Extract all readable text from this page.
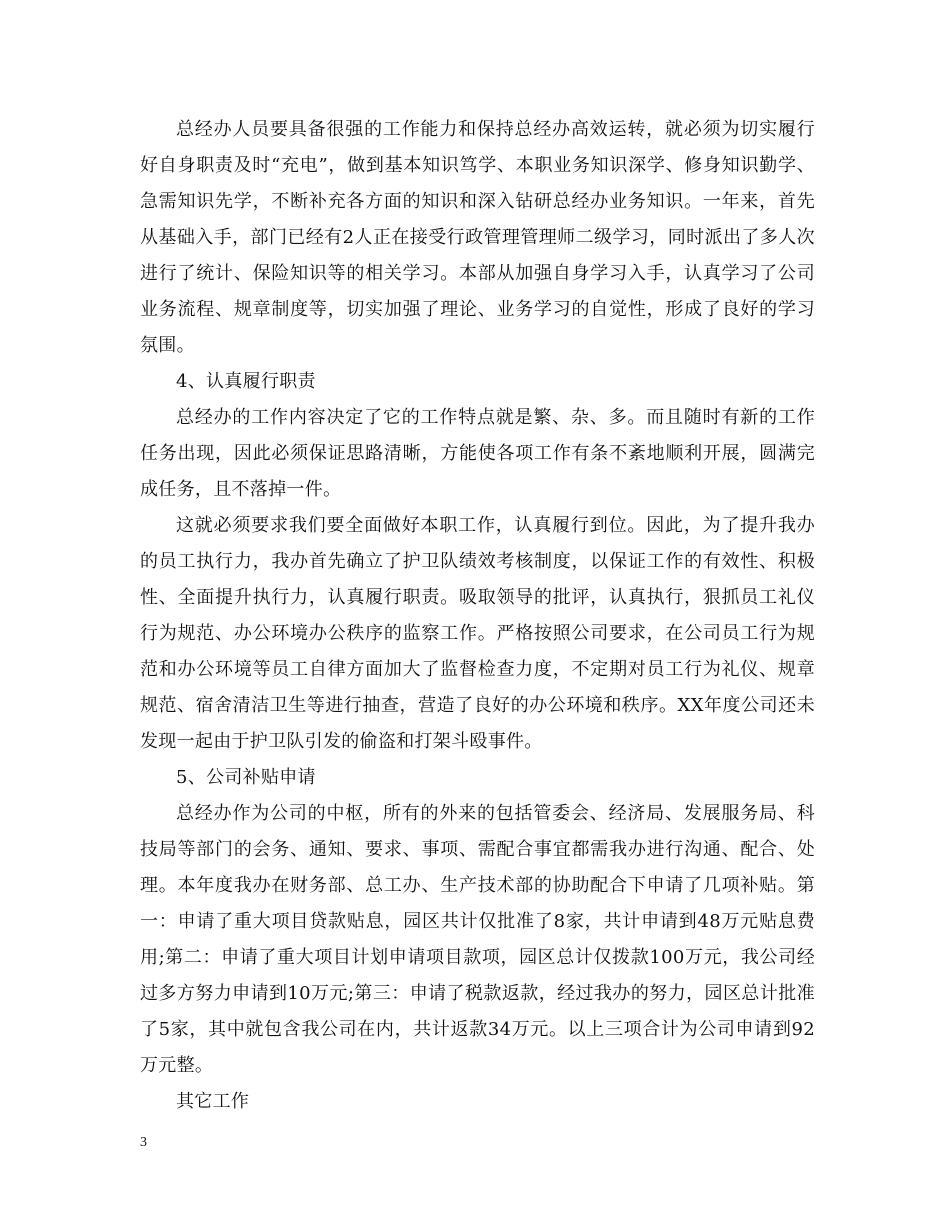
总经办人员要具备很强的工作能力和保持总经办高效运转，就必须为切实履行好自身职责及时“充电”，做到基本知识笃学、本职业务知识深学、修身知识勤学、急需知识先学，不断补充各方面的知识和深入钻研总经办业务知识。一年来，首先从基础入手，部门已经有2人正在接受行政管理管理师二级学习，同时派出了多人次进行了统计、保险知识等的相关学习。本部从加强自身学习入手，认真学习了公司业务流程、规章制度等，切实加强了理论、业务学习的自觉性，形成了良好的学习氛围。

4、认真履行职责

总经办的工作内容决定了它的工作特点就是繁、杂、多。而且随时有新的工作任务出现，因此必须保证思路清晰，方能使各项工作有条不紊地顺利开展，圆满完成任务，且不落掉一件。

这就必须要求我们要全面做好本职工作，认真履行到位。因此，为了提升我办的员工执行力，我办首先确立了护卫队绩效考核制度，以保证工作的有效性、积极性、全面提升执行力，认真履行职责。吸取领导的批评，认真执行，狠抓员工礼仪行为规范、办公环境办公秩序的监察工作。严格按照公司要求，在公司员工行为规范和办公环境等员工自律方面加大了监督检查力度，不定期对员工行为礼仪、规章规范、宿舍清洁卫生等进行抽查，营造了良好的办公环境和秩序。XX年度公司还未发现一起由于护卫队引发的偷盗和打架斗殴事件。

5、公司补贴申请

总经办作为公司的中枢，所有的外来的包括管委会、经济局、发展服务局、科技局等部门的会务、通知、要求、事项、需配合事宜都需我办进行沟通、配合、处理。本年度我办在财务部、总工办、生产技术部的协助配合下申请了几项补贴。第一：申请了重大项目贷款贴息，园区共计仅批准了8家，共计申请到48万元贴息费用;第二：申请了重大项目计划申请项目款项，园区总计仅拨款100万元，我公司经过多方努力申请到10万元;第三：申请了税款返款，经过我办的努力，园区总计批准了5家，其中就包含我公司在内，共计返款34万元。以上三项合计为公司申请到92万元整。

其它工作

3
